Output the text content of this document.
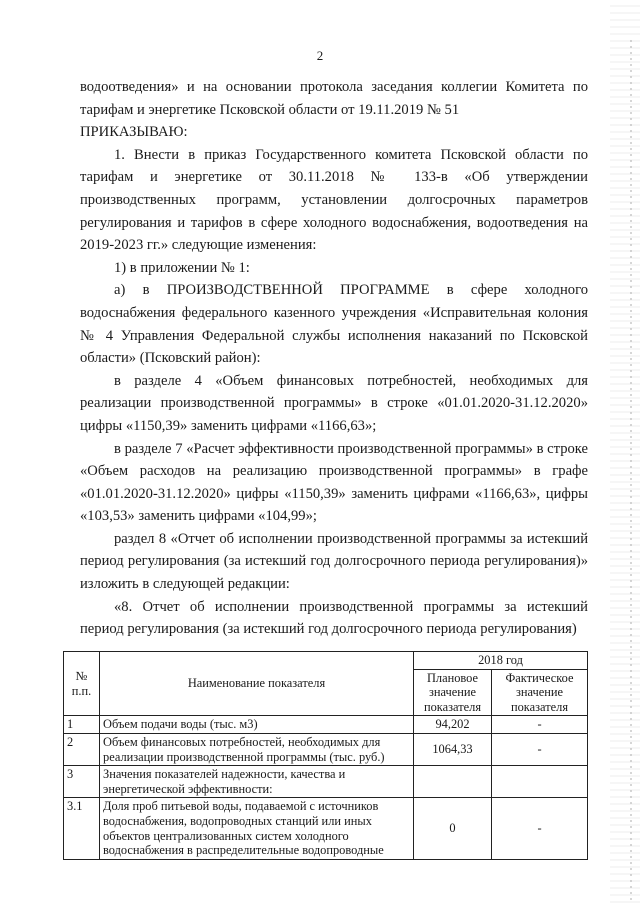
2

водоотведения» и на основании протокола заседания коллегии Комитета по тарифам и энергетике Псковской области от 19.11.2019 № 51

ПРИКАЗЫВАЮ:

1. Внести в приказ Государственного комитета Псковской области по тарифам и энергетике от 30.11.2018 № 133-в «Об утверждении производственных программ, установлении долгосрочных параметров регулирования и тарифов в сфере холодного водоснабжения, водоотведения на 2019-2023 гг.» следующие изменения:

1) в приложении № 1:

а) в ПРОИЗВОДСТВЕННОЙ ПРОГРАММЕ в сфере холодного водоснабжения федерального казенного учреждения «Исправительная колония № 4 Управления Федеральной службы исполнения наказаний по Псковской области» (Псковский район):

в разделе 4 «Объем финансовых потребностей, необходимых для реализации производственной программы» в строке «01.01.2020-31.12.2020» цифры «1150,39» заменить цифрами «1166,63»;

в разделе 7 «Расчет эффективности производственной программы» в строке «Объем расходов на реализацию производственной программы» в графе «01.01.2020-31.12.2020» цифры «1150,39» заменить цифрами «1166,63», цифры «103,53» заменить цифрами «104,99»;

раздел 8 «Отчет об исполнении производственной программы за истекший период регулирования (за истекший год долгосрочного периода регулирования)» изложить в следующей редакции:

«8. Отчет об исполнении производственной программы за истекший период регулирования (за истекший год долгосрочного периода регулирования)

№ п.п.	Наименование показателя	2018 год	
		Плановое значение показателя	Фактическое значение показателя
1	Объем подачи воды (тыс. м3)	94,202	-
2	Объем финансовых потребностей, необходимых для реализации производственной программы (тыс. руб.)	1064,33	-
3	Значения показателей надежности, качества и энергетической эффективности:		
3.1	Доля проб питьевой воды, подаваемой с источников водоснабжения, водопроводных станций или иных объектов централизованных систем холодного водоснабжения в распределительные водопроводные	0	-
